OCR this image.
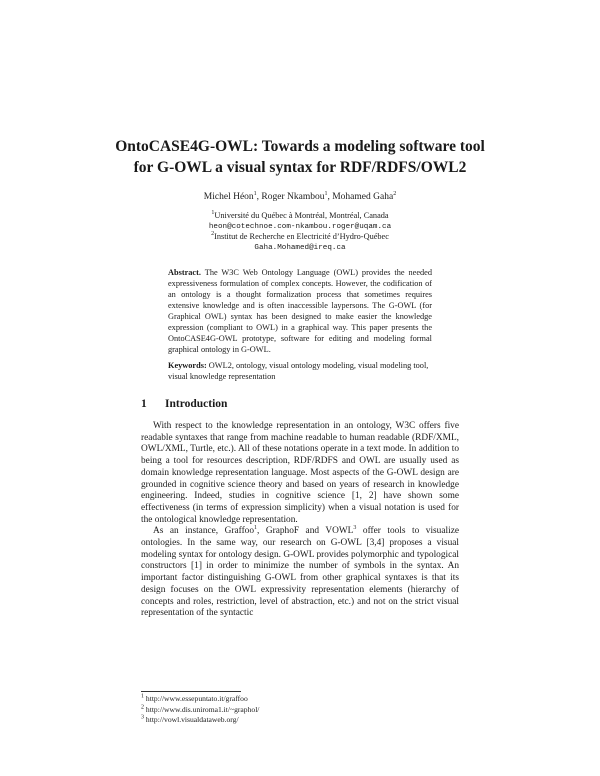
OntoCASE4G-OWL: Towards a modeling software tool
for G-OWL a visual syntax for RDF/RDFS/OWL2
Michel Héon$^1$, Roger Nkambou$^1$, Mohamed Gaha$^2$
$^1$Université du Québec à Montréal, Montréal, Canada
heon@cotechnoe.com-nkambou.roger@uqam.ca
$^2$Institut de Recherche en Electricité d’Hydro-Québec
Gaha.Mohamed@ireq.ca
Abstract. The W3C Web Ontology Language (OWL) provides the needed expressiveness formulation of complex concepts. However, the codification of an ontology is a thought formalization process that sometimes requires extensive knowledge and is often inaccessible laypersons. The G-OWL (for Graphical OWL) syntax has been designed to make easier the knowledge expression (compliant to OWL) in a graphical way. This paper presents the OntoCASE4G-OWL prototype, software for editing and modeling formal graphical ontology in G-OWL.
Keywords: OWL2, ontology, visual ontology modeling, visual modeling tool, visual knowledge representation
1 Introduction

With respect to the knowledge representation in an ontology, W3C offers five readable syntaxes that range from machine readable to human readable (RDF/XML, OWL/XML, Turtle, etc.). All of these notations operate in a text mode. In addition to being a tool for resources description, RDF/RDFS and OWL are usually used as domain knowledge representation language. Most aspects of the G-OWL design are grounded in cognitive science theory and based on years of research in knowledge engineering. Indeed, studies in cognitive science [1, 2] have shown some effectiveness (in terms of expression simplicity) when a visual notation is used for the ontological knowledge representation.

As an instance, Graffoo$^1$, GraphoF and VOWL$^3$ offer tools to visualize ontologies. In the same way, our research on G-OWL [3,4] proposes a visual modeling syntax for ontology design. G-OWL provides polymorphic and typological constructors [1] in order to minimize the number of symbols in the syntax. An important factor distinguishing G-OWL from other graphical syntaxes is that its design focuses on the OWL expressivity representation elements (hierarchy of concepts and roles, restriction, level of abstraction, etc.) and not on the strict visual representation of the syntactic

$^1$ http://www.essepuntato.it/graffoo
$^2$ http://www.dis.uniroma1.it/~graphol/
$^3$ http://vowl.visualdataweb.org/
